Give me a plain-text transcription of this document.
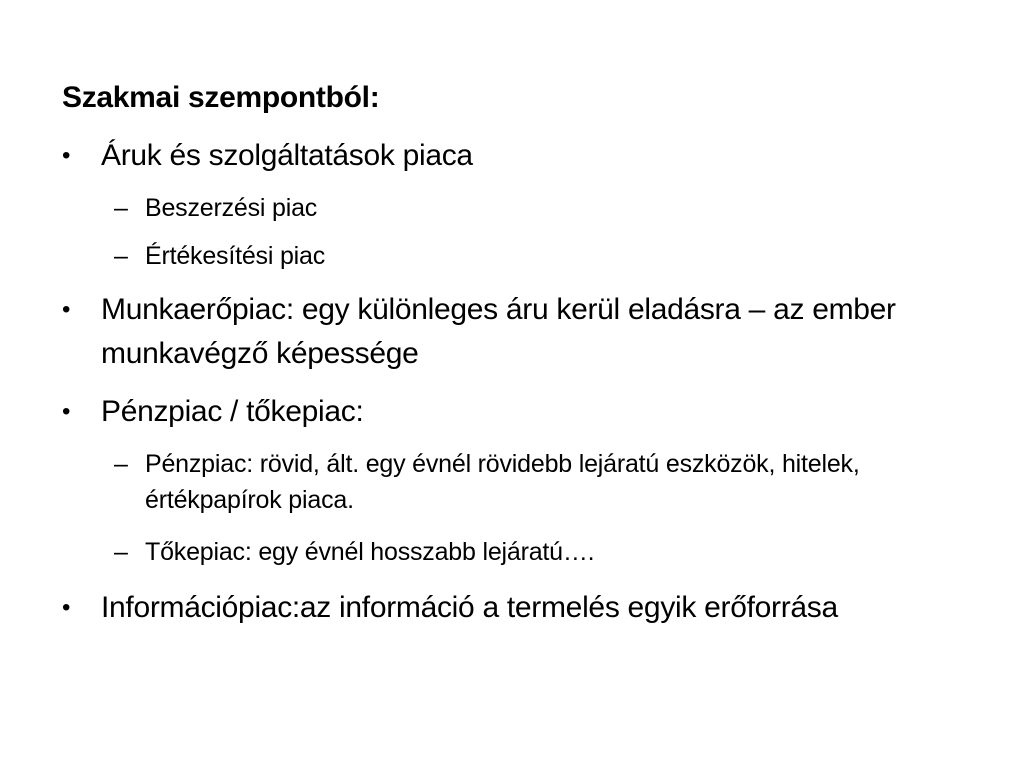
Szakmai szempontból:
• Áruk és szolgáltatások piaca
– Beszerzési piac
– Értékesítési piac
• Munkaerőpiac: egy különleges áru kerül eladásra – az ember munkavégző képessége
• Pénzpiac / tőkepiac:
– Pénzpiac: rövid, ált. egy évnél rövidebb lejáratú eszközök, hitelek, értékpapírok piaca.
– Tőkepiac: egy évnél hosszabb lejáratú….
• Információpiac:az információ a termelés egyik erőforrása
